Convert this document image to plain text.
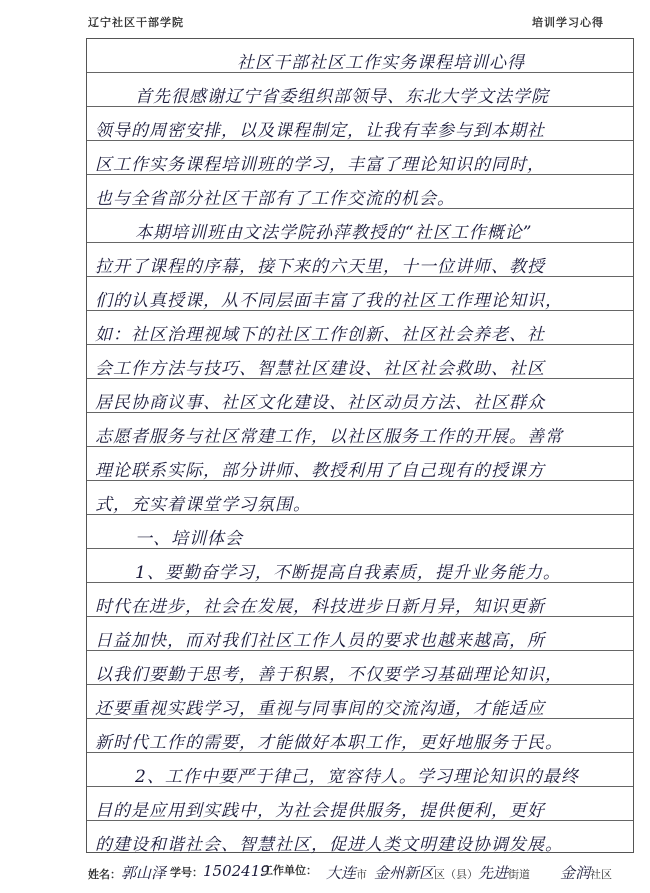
辽宁社区干部学院	培训学习心得
社区干部社区工作实务课程培训心得
首先很感谢辽宁省委组织部领导、东北大学文法学院
领导的周密安排，以及课程制定，让我有幸参与到本期社
区工作实务课程培训班的学习，丰富了理论知识的同时，
也与全省部分社区干部有了工作交流的机会。
本期培训班由文法学院孙萍教授的“社区工作概论”
拉开了课程的序幕，接下来的六天里，十一位讲师、教授
们的认真授课，从不同层面丰富了我的社区工作理论知识，
如：社区治理视域下的社区工作创新、社区社会养老、社
会工作方法与技巧、智慧社区建设、社区社会救助、社区
居民协商议事、社区文化建设、社区动员方法、社区群众
志愿者服务与社区常建工作，以社区服务工作的开展。善常
理论联系实际，部分讲师、教授利用了自己现有的授课方
式，充实着课堂学习氛围。
一、培训体会
1、要勤奋学习，不断提高自我素质，提升业务能力。
时代在进步，社会在发展，科技进步日新月异，知识更新
日益加快，而对我们社区工作人员的要求也越来越高，所
以我们要勤于思考，善于积累，不仅要学习基础理论知识，
还要重视实践学习，重视与同事间的交流沟通，才能适应
新时代工作的需要，才能做好本职工作，更好地服务于民。
2、工作中要严于律己，宽容待人。学习理论知识的最终
目的是应用到实践中，为社会提供服务，提供便利，更好
的建设和谐社会、智慧社区，促进人类文明建设协调发展。
姓名：郭山泽 学号：1502419
工作单位： 大连市 金州新区区（县） 先进街道 金润社区
